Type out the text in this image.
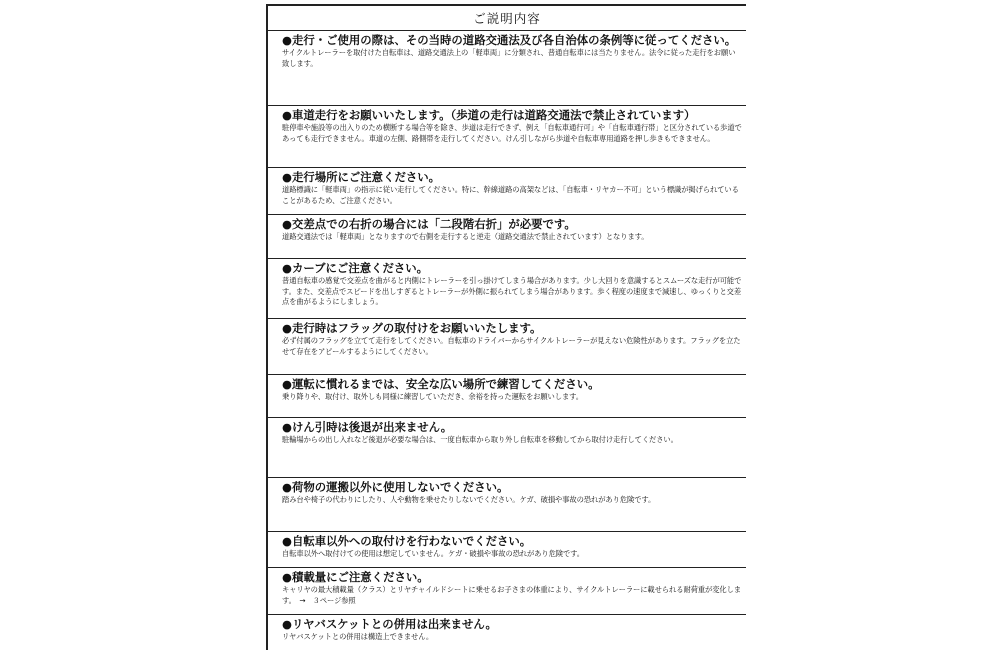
ご説明内容
●走行・ご使用の際は、その当時の道路交通法及び各自治体の条例等に従ってください。
サイクルトレーラーを取付けた自転車は、道路交通法上の「軽車両」に分類され、普通自転車には当たりません。法令に従った走行をお願い致します。
●車道走行をお願いいたします。（歩道の走行は道路交通法で禁止されています）
駐停車や施設等の出入りのため横断する場合等を除き、歩道は走行できず、例え「自転車通行可」や「自転車通行帯」と区分されている歩道であっても走行できません。車道の左側、路側帯を走行してください。けん引しながら歩道や自転車専用道路を押し歩きもできません。
●走行場所にご注意ください。
道路標識に「軽車両」の指示に従い走行してください。特に、幹線道路の高架などは、「自転車・リヤカー不可」という標識が掲げられていることがあるため、ご注意ください。
●交差点での右折の場合には「二段階右折」が必要です。
道路交通法では「軽車両」となりますので右側を走行すると逆走（道路交通法で禁止されています）となります。
●カーブにご注意ください。
普通自転車の感覚で交差点を曲がると内側にトレーラーを引っ掛けてしまう場合があります。少し大回りを意識するとスムーズな走行が可能です。また、交差点でスピードを出しすぎるとトレーラーが外側に振られてしまう場合があります。歩く程度の速度まで減速し、ゆっくりと交差点を曲がるようにしましょう。
●走行時はフラッグの取付けをお願いいたします。
必ず付属のフラッグを立てて走行をしてください。自転車のドライバーからサイクルトレーラーが見えない危険性があります。フラッグを立たせて存在をアピールするようにしてください。
●運転に慣れるまでは、安全な広い場所で練習してください。
乗り降りや、取付け、取外しも同様に練習していただき、余裕を持った運転をお願いします。
●けん引時は後退が出来ません。
駐輪場からの出し入れなど後退が必要な場合は、一度自転車から取り外し自転車を移動してから取付け走行してください。
●荷物の運搬以外に使用しないでください。
踏み台や椅子の代わりにしたり、人や動物を乗せたりしないでください。ケガ、破損や事故の恐れがあり危険です。
●自転車以外への取付けを行わないでください。
自転車以外へ取付けての使用は想定していません。ケガ・破損や事故の恐れがあり危険です。
●積載量にご注意ください。
キャリヤの最大積載量（クラス）とリヤチャイルドシートに乗せるお子さまの体重により、サイクルトレーラーに載せられる耐荷重が変化します。　→　３ページ参照
●リヤバスケットとの併用は出来ません。
リヤバスケットとの併用は構造上できません。
